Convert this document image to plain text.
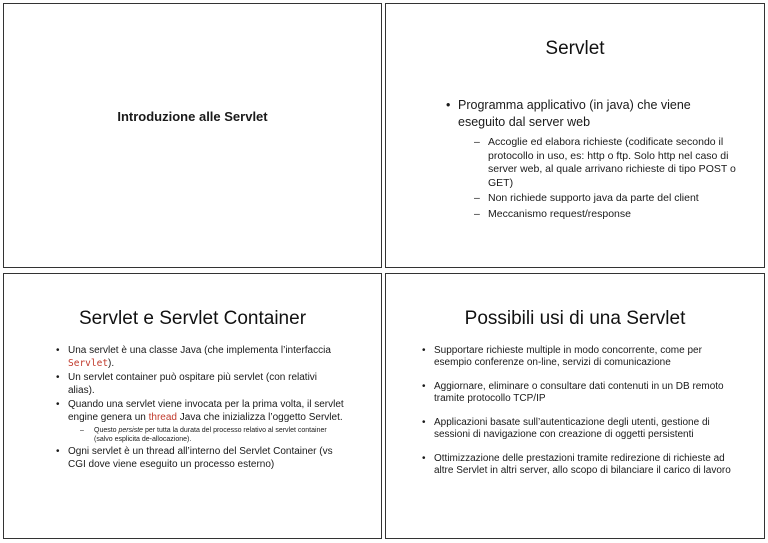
Introduzione alle Servlet
Servlet
• Programma applicativo (in java) che viene eseguito dal server web
– Accoglie ed elabora richieste (codificate secondo il protocollo in uso, es: http o ftp. Solo http nel caso di server web, al quale arrivano richieste di tipo POST o GET)
– Non richiede supporto java da parte del client
– Meccanismo request/response
Servlet e Servlet Container
• Una servlet è una classe Java (che implementa l’interfaccia Servlet).
• Un servlet container può ospitare più servlet (con relativi alias).
• Quando una servlet viene invocata per la prima volta, il servlet engine genera un thread Java che inizializza l’oggetto Servlet.
– Questo persiste per tutta la durata del processo relativo al servlet container (salvo esplicita de-allocazione).
• Ogni servlet è un thread all’interno del Servlet Container (vs CGI dove viene eseguito un processo esterno)
Possibili usi di una Servlet
• Supportare richieste multiple in modo concorrente, come per esempio conferenze on-line, servizi di comunicazione
• Aggiornare, eliminare o consultare dati contenuti in un DB remoto tramite protocollo TCP/IP
• Applicazioni basate sull’autenticazione degli utenti, gestione di sessioni di navigazione con creazione di oggetti persistenti
• Ottimizzazione delle prestazioni tramite redirezione di richieste ad altre Servlet in altri server, allo scopo di bilanciare il carico di lavoro
